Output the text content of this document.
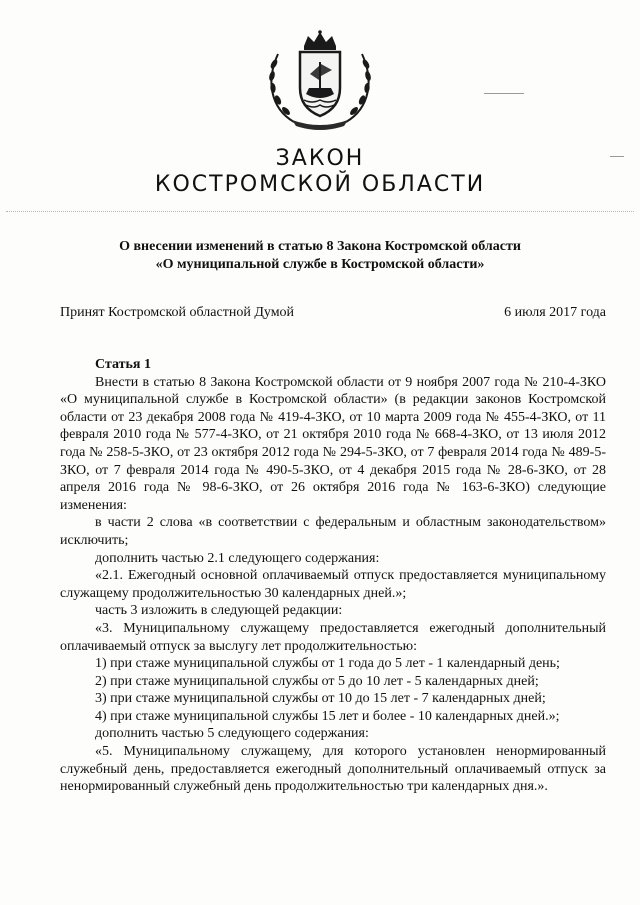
ЗАКОН
КОСТРОМСКОЙ ОБЛАСТИ
О внесении изменений в статью 8 Закона Костромской области
«О муниципальной службе в Костромской области»
Принят Костромской областной Думой	6 июля 2017 года
Статья 1

Внести в статью 8 Закона Костромской области от 9 ноября 2007 года № 210-4-ЗКО «О муниципальной службе в Костромской области» (в редакции законов Костромской области от 23 декабря 2008 года № 419-4-ЗКО, от 10 марта 2009 года № 455-4-ЗКО, от 11 февраля 2010 года № 577-4-ЗКО, от 21 октября 2010 года № 668-4-ЗКО, от 13 июля 2012 года № 258-5-ЗКО, от 23 октября 2012 года № 294-5-ЗКО, от 7 февраля 2014 года № 489-5-ЗКО, от 7 февраля 2014 года № 490-5-ЗКО, от 4 декабря 2015 года № 28-6-ЗКО, от 28 апреля 2016 года № 98-6-ЗКО, от 26 октября 2016 года № 163-6-ЗКО) следующие изменения:

в части 2 слова «в соответствии с федеральным и областным законодательством» исключить;

дополнить частью 2.1 следующего содержания:

«2.1. Ежегодный основной оплачиваемый отпуск предоставляется муниципальному служащему продолжительностью 30 календарных дней.»;

часть 3 изложить в следующей редакции:

«3. Муниципальному служащему предоставляется ежегодный дополнительный оплачиваемый отпуск за выслугу лет продолжительностью:

1) при стаже муниципальной службы от 1 года до 5 лет - 1 календарный день;

2) при стаже муниципальной службы от 5 до 10 лет - 5 календарных дней;

3) при стаже муниципальной службы от 10 до 15 лет - 7 календарных дней;

4) при стаже муниципальной службы 15 лет и более - 10 календарных дней.»;

дополнить частью 5 следующего содержания:

«5. Муниципальному служащему, для которого установлен ненормированный служебный день, предоставляется ежегодный дополнительный оплачиваемый отпуск за ненормированный служебный день продолжительностью три календарных дня.».
